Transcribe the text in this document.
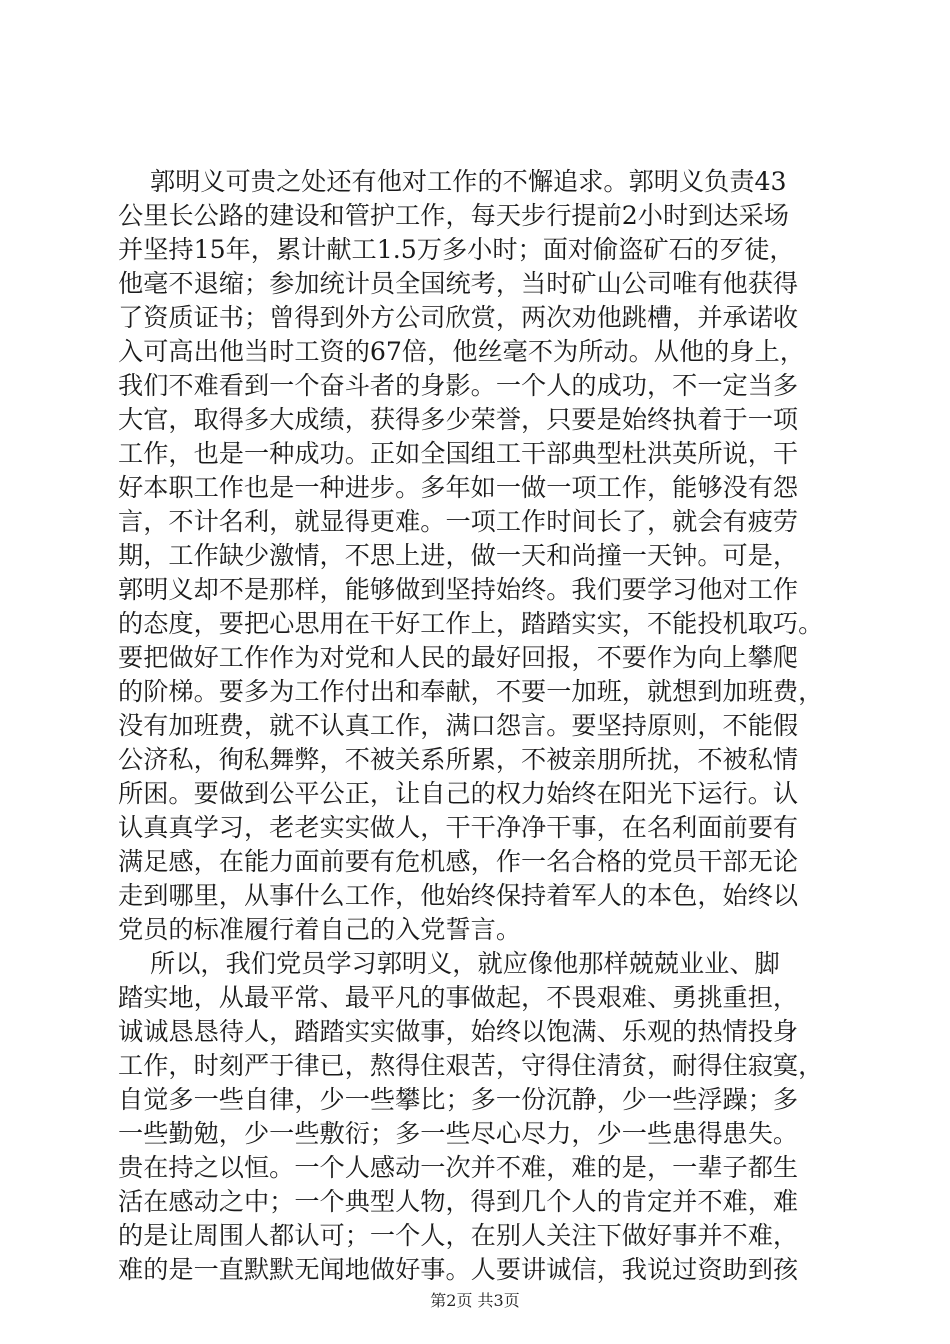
郭明义可贵之处还有他对工作的不懈追求。郭明义负责43
公里长公路的建设和管护工作，每天步行提前2小时到达采场
并坚持15年，累计献工1.5万多小时；面对偷盗矿石的歹徒，
他毫不退缩；参加统计员全国统考，当时矿山公司唯有他获得
了资质证书；曾得到外方公司欣赏，两次劝他跳槽，并承诺收
入可高出他当时工资的67倍，他丝毫不为所动。从他的身上，
我们不难看到一个奋斗者的身影。一个人的成功，不一定当多
大官，取得多大成绩，获得多少荣誉，只要是始终执着于一项
工作，也是一种成功。正如全国组工干部典型杜洪英所说，干
好本职工作也是一种进步。多年如一做一项工作，能够没有怨
言，不计名利，就显得更难。一项工作时间长了，就会有疲劳
期，工作缺少激情，不思上进，做一天和尚撞一天钟。可是，
郭明义却不是那样，能够做到坚持始终。我们要学习他对工作
的态度，要把心思用在干好工作上，踏踏实实，不能投机取巧。
要把做好工作作为对党和人民的最好回报，不要作为向上攀爬
的阶梯。要多为工作付出和奉献，不要一加班，就想到加班费，
没有加班费，就不认真工作，满口怨言。要坚持原则，不能假
公济私，徇私舞弊，不被关系所累，不被亲朋所扰，不被私情
所困。要做到公平公正，让自己的权力始终在阳光下运行。认
认真真学习，老老实实做人，干干净净干事，在名利面前要有
满足感，在能力面前要有危机感，作一名合格的党员干部无论
走到哪里，从事什么工作，他始终保持着军人的本色，始终以
党员的标准履行着自己的入党誓言。
所以，我们党员学习郭明义，就应像他那样兢兢业业、脚
踏实地，从最平常、最平凡的事做起，不畏艰难、勇挑重担，
诚诚恳恳待人，踏踏实实做事，始终以饱满、乐观的热情投身
工作，时刻严于律已，熬得住艰苦，守得住清贫，耐得住寂寞，
自觉多一些自律，少一些攀比；多一份沉静，少一些浮躁；多
一些勤勉，少一些敷衍；多一些尽心尽力，少一些患得患失。
贵在持之以恒。一个人感动一次并不难，难的是，一辈子都生
活在感动之中；一个典型人物，得到几个人的肯定并不难，难
的是让周围人都认可；一个人，在别人关注下做好事并不难，
难的是一直默默无闻地做好事。人要讲诚信，我说过资助到孩
第2页 共3页
